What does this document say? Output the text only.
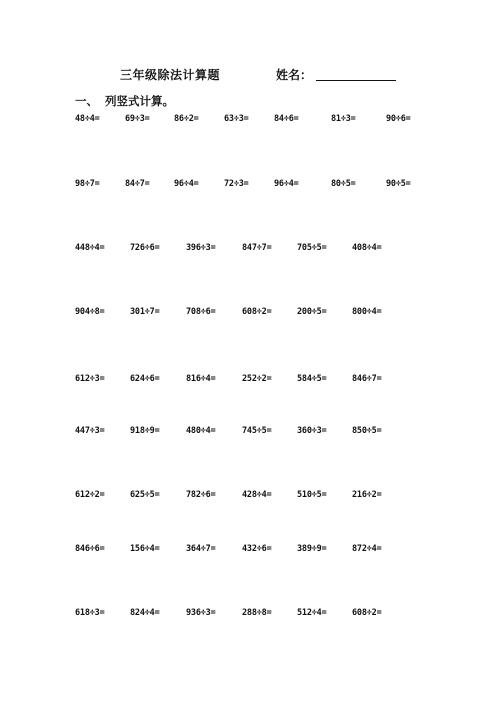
三年级除法计算题	姓名：
一、 列竖式计算。
48÷4=	69÷3=	86÷2=	63÷3=	84÷6=	81÷3=	90÷6=
98÷7=	84÷7=	96÷4=	72÷3=	96÷4=	80÷5=	90÷5=
448÷4=	726÷6=	396÷3=	847÷7=	705÷5=	408÷4=
904÷8=	301÷7=	708÷6=	608÷2=	200÷5=	800÷4=
612÷3=	624÷6=	816÷4=	252÷2=	584÷5=	846÷7=
447÷3=	918÷9=	480÷4=	745÷5=	360÷3=	850÷5=
612÷2=	625÷5=	782÷6=	428÷4=	510÷5=	216÷2=
846÷6=	156÷4=	364÷7=	432÷6=	389÷9=	872÷4=
618÷3=	824÷4=	936÷3=	288÷8=	512÷4=	608÷2=
